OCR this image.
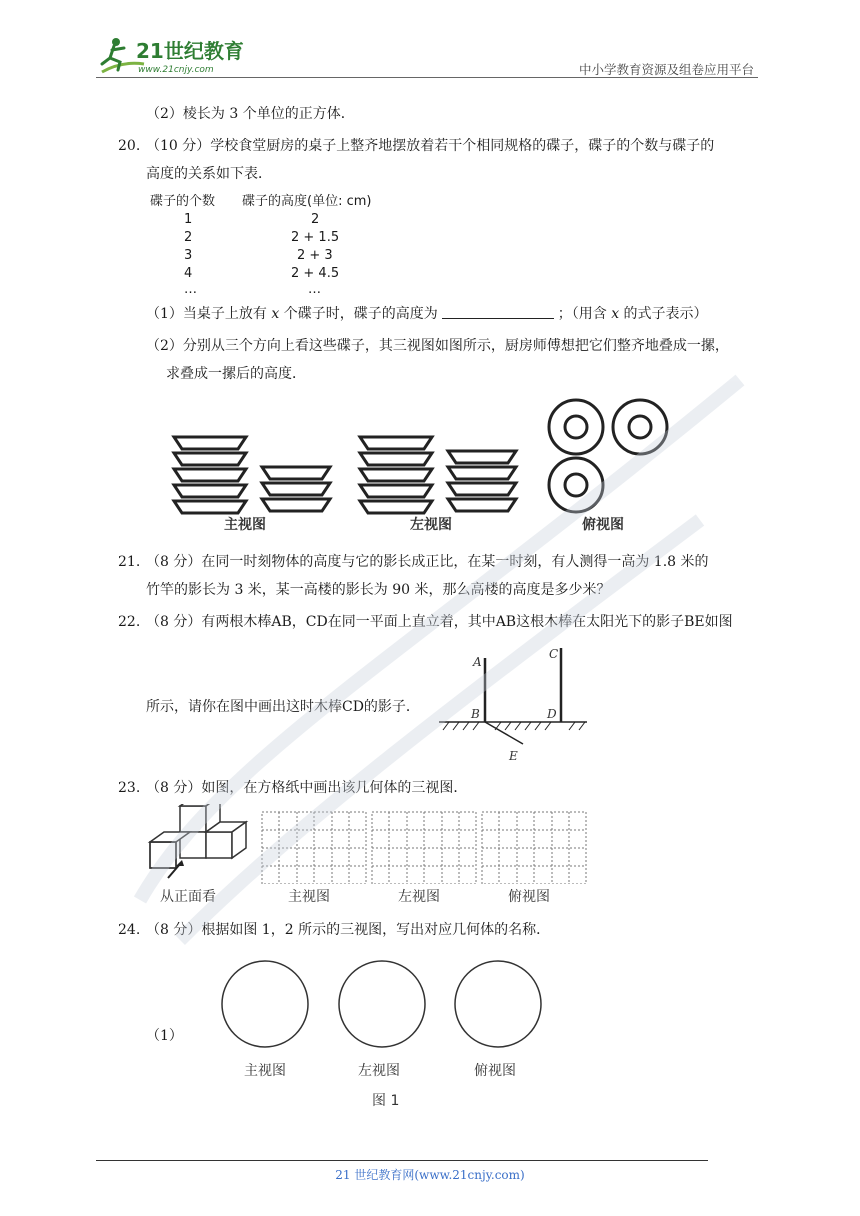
21世纪教育
www.21cnjy.com	中小学教育资源及组卷应用平台
（2）棱长为 3 个单位的正方体．
20. （10 分）学校食堂厨房的桌子上整齐地摆放着若干个相同规格的碟子，碟子的个数与碟子的
高度的关系如下表．
碟子的个数 碟子的高度(单位: cm)
1	2
2	2 + 1.5
3	2 + 3
4	2 + 4.5
…	…
（1）当桌子上放有 x 个碟子时，碟子的高度为	；（用含 x 的式子表示）
（2）分别从三个方向上看这些碟子，其三视图如图所示，厨房师傅想把它们整齐地叠成一摞，
求叠成一摞后的高度．
主视图	左视图	俯视图
21. （8 分）在同一时刻物体的高度与它的影长成正比，在某一时刻，有人测得一高为 1.8 米的
竹竿的影长为 3 米，某一高楼的影长为 90 米，那么高楼的高度是多少米？
22. （8 分）有两根木棒AB，CD在同一平面上直立着，其中AB这根木棒在太阳光下的影子BE如图
所示，请你在图中画出这时木棒CD的影子．
A
B
C
D
E
23. （8 分）如图，在方格纸中画出该几何体的三视图．
从正面看	主视图	左视图	俯视图
24. （8 分）根据如图 1，2 所示的三视图，写出对应几何体的名称．
（1）
主视图	左视图	俯视图
图 1
21 世纪教育网(www.21cnjy.com)
